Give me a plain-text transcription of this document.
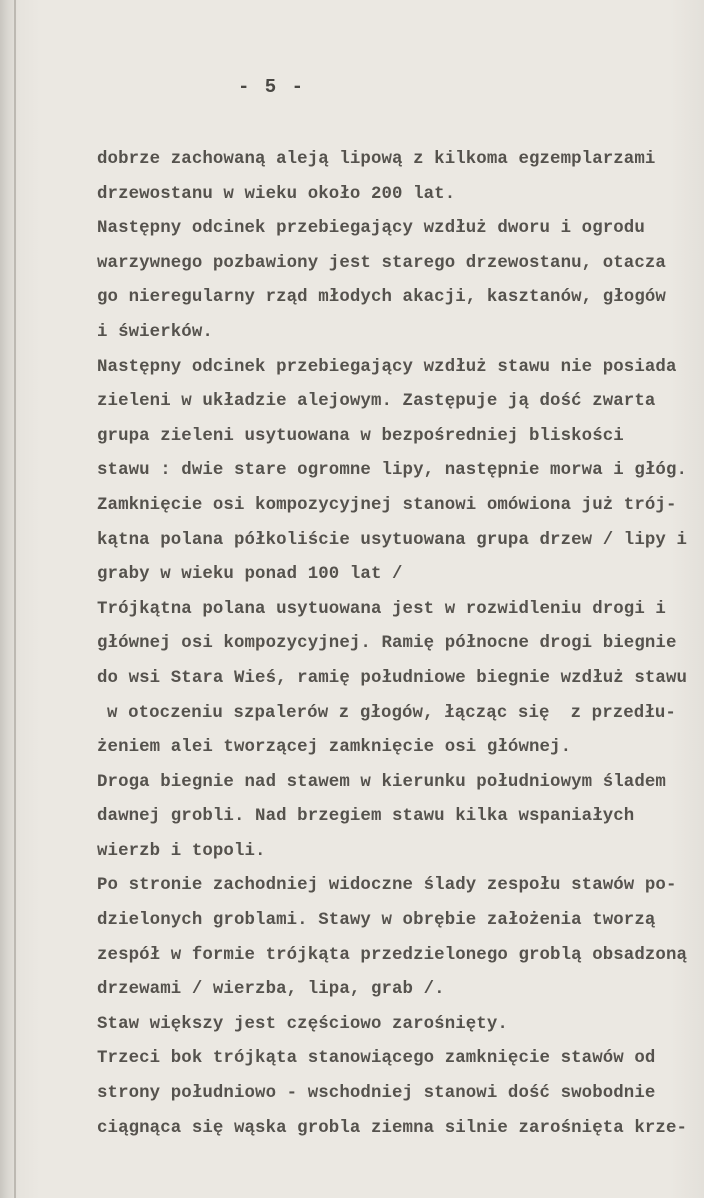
- 5 -
dobrze zachowaną aleją lipową z kilkoma egzemplarzami
drzewostanu w wieku około 200 lat.
Następny odcinek przebiegający wzdłuż dworu i ogrodu
warzywnego pozbawiony jest starego drzewostanu, otacza
go nieregularny rząd młodych akacji, kasztanów, głogów
i świerków.
Następny odcinek przebiegający wzdłuż stawu nie posiada
zieleni w układzie alejowym. Zastępuje ją dość zwarta
grupa zieleni usytuowana w bezpośredniej bliskości
stawu : dwie stare ogromne lipy, następnie morwa i głóg.
Zamknięcie osi kompozycyjnej stanowi omówiona już trój-
kątna polana półkoliście usytuowana grupa drzew / lipy i
graby w wieku ponad 100 lat /
Trójkątna polana usytuowana jest w rozwidleniu drogi i
głównej osi kompozycyjnej. Ramię północne drogi biegnie
do wsi Stara Wieś, ramię południowe biegnie wzdłuż stawu
w otoczeniu szpalerów z głogów, łącząc się  z przedłu-
żeniem alei tworzącej zamknięcie osi głównej.
Droga biegnie nad stawem w kierunku południowym śladem
dawnej grobli. Nad brzegiem stawu kilka wspaniałych
wierzb i topoli.
Po stronie zachodniej widoczne ślady zespołu stawów po-
dzielonych groblami. Stawy w obrębie założenia tworzą
zespół w formie trójkąta przedzielonego groblą obsadzoną
drzewami / wierzba, lipa, grab /.
Staw większy jest częściowo zarośnięty.
Trzeci bok trójkąta stanowiącego zamknięcie stawów od
strony południowo - wschodniej stanowi dość swobodnie
ciągnąca się wąska grobla ziemna silnie zarośnięta krze-
